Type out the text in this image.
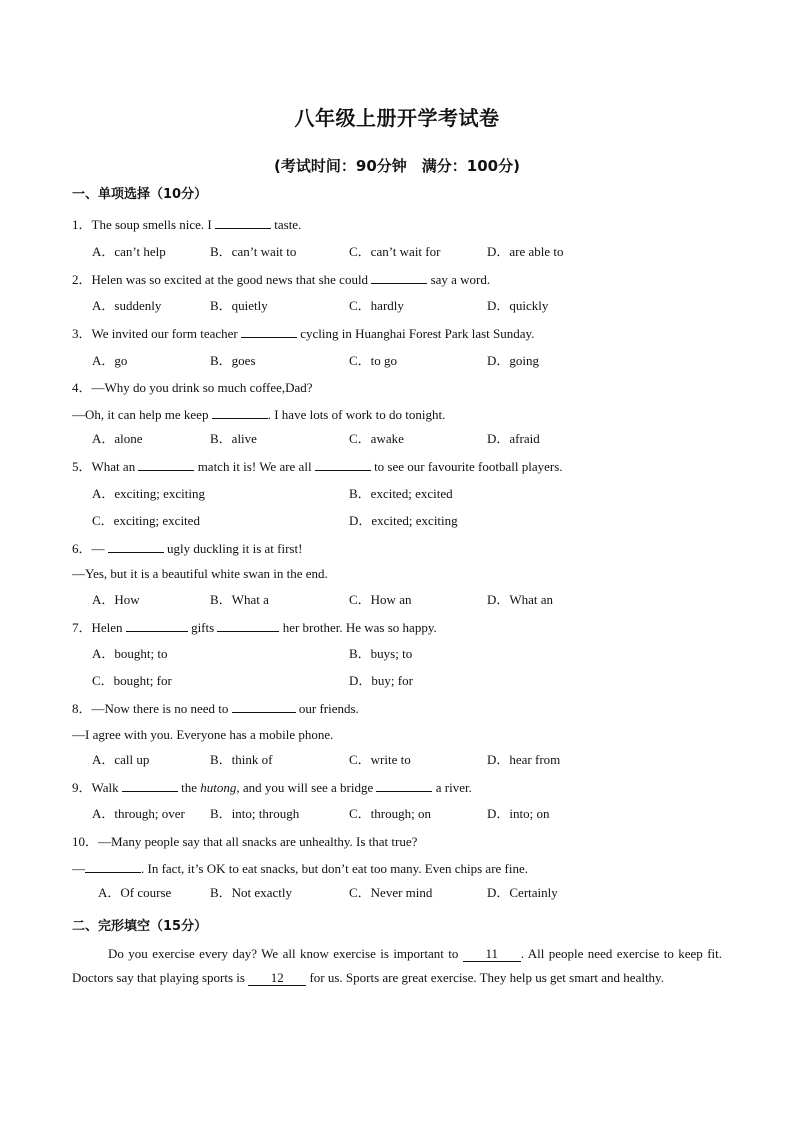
八年级上册开学考试卷
(考试时间：90分钟　满分：100分)
一、单项选择（10分）
1．The soup smells nice. I	taste.
A．can’t help	B．can’t wait to	C．can’t wait for	D．are able to
2．Helen was so excited at the good news that she could	say a word.
A．suddenly	B．quietly	C．hardly	D．quickly
3．We invited our form teacher	cycling in Huanghai Forest Park last Sunday.
A．go	B．goes	C．to go	D．going
4．—Why do you drink so much coffee,Dad?
—Oh, it can help me keep	. I have lots of work to do tonight.
A．alone	B．alive	C．awake	D．afraid
5．What an	match it is! We are all	to see our favourite football players.
A．exciting; exciting	B．excited; excited
C．exciting; excited	D．excited; exciting
6．—	ugly duckling it is at first!
—Yes, but it is a beautiful white swan in the end.
A．How	B．What a	C．How an	D．What an
7．Helen	gifts	her brother. He was so happy.
A．bought; to	B．buys; to
C．bought; for	D．buy; for
8．—Now there is no need to	our friends.
—I agree with you. Everyone has a mobile phone.
A．call up	B．think of	C．write to	D．hear from
9．Walk	the hutong, and you will see a bridge	a river.
A．through; over B．into; through	C．through; on	D．into; on
10．—Many people say that all snacks are unhealthy. Is that true?
—	. In fact, it’s OK to eat snacks, but don’t eat too many. Even chips are fine.
A．Of course	B．Not exactly	C．Never mind	D．Certainly
二、完形填空（15分）
Do you exercise every day? We all know exercise is important to 11 . All people need exercise to keep fit. Doctors say that playing sports is 12 for us. Sports are great exercise. They help us get smart and healthy.
